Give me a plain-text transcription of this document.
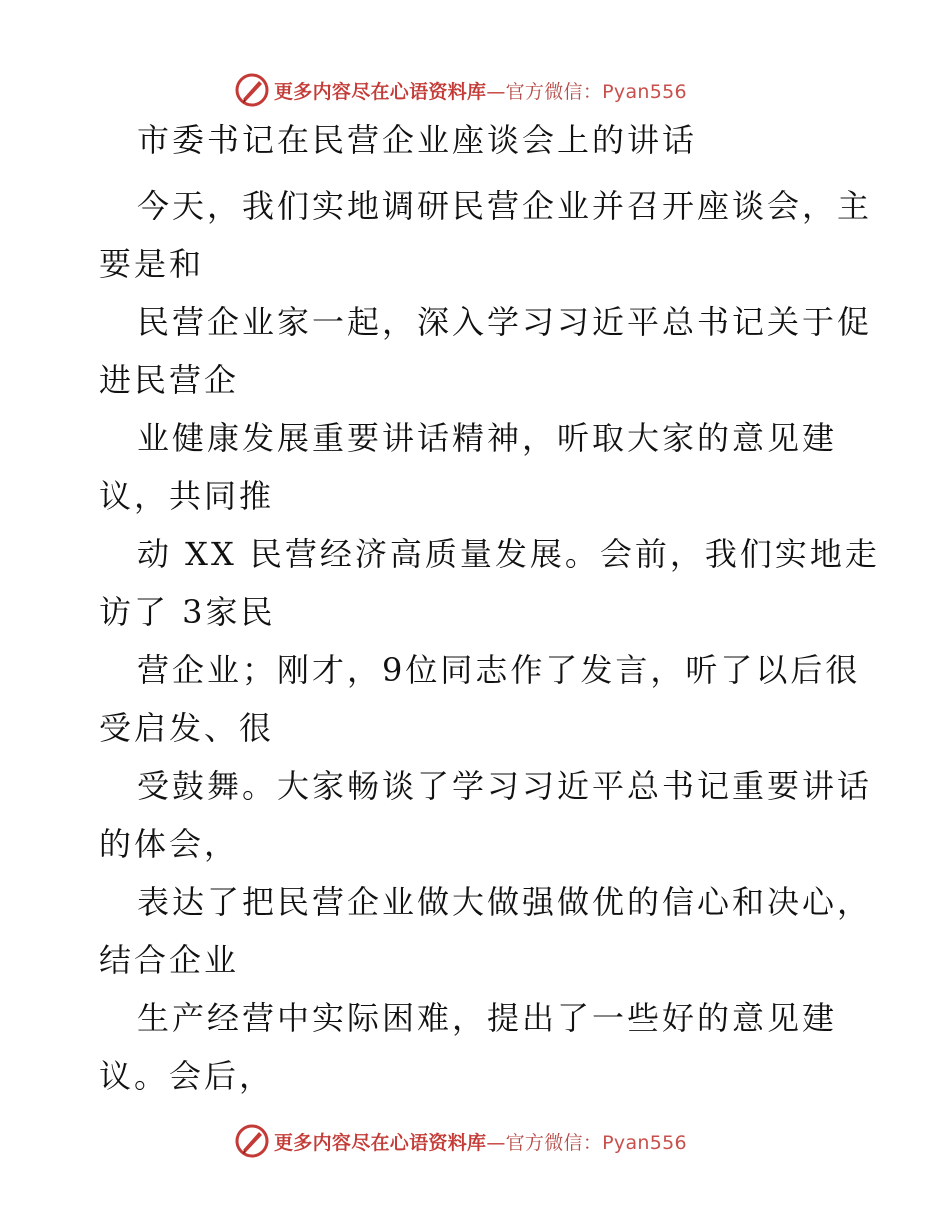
更多内容尽在心语资料库—官方微信：Pyan556
市委书记在民营企业座谈会上的讲话
今天，我们实地调研民营企业并召开座谈会，主
要是和
民营企业家一起，深入学习习近平总书记关于促
进民营企
业健康发展重要讲话精神，听取大家的意见建
议，共同推
动 XX 民营经济高质量发展。会前，我们实地走
访了 3家民
营企业；刚才，9位同志作了发言，听了以后很
受启发、很
受鼓舞。大家畅谈了学习习近平总书记重要讲话
的体会，
表达了把民营企业做大做强做优的信心和决心，
结合企业
生产经营中实际困难，提出了一些好的意见建
议。会后，
更多内容尽在心语资料库—官方微信：Pyan556
